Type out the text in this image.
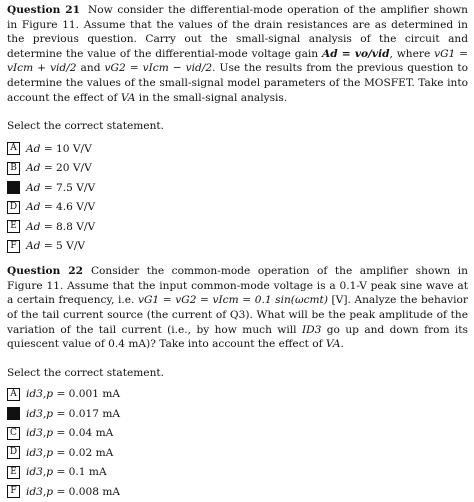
Question 21 Now consider the differential-mode operation of the amplifier shown in Figure 11. Assume that the values of the drain resistances are as determined in the previous question. Carry out the small-signal analysis of the circuit and determine the value of the differential-mode voltage gain Ad = vo/vid, where vG1 = vIcm + vid/2 and vG2 = vIcm − vid/2. Use the results from the previous question to determine the values of the small-signal model parameters of the MOSFET. Take into account the effect of VA in the small-signal analysis.
Select the correct statement.
A Ad = 10 V/V
B Ad = 20 V/V
C Ad = 7.5 V/V
D Ad = 4.6 V/V
E Ad = 8.8 V/V
F Ad = 5 V/V
Question 22 Consider the common-mode operation of the amplifier shown in Figure 11. Assume that the input common-mode voltage is a 0.1-V peak sine wave at a certain frequency, i.e. vG1 = vG2 = vIcm = 0.1 sin(ωcmt) [V]. Analyze the behavior of the tail current source (the current of Q3). What will be the peak amplitude of the variation of the tail current (i.e., by how much will ID3 go up and down from its quiescent value of 0.4 mA)? Take into account the effect of VA.
Select the correct statement.
A id3,p = 0.001 mA
B id3,p = 0.017 mA
C id3,p = 0.04 mA
D id3,p = 0.02 mA
E id3,p = 0.1 mA
F id3,p = 0.008 mA
